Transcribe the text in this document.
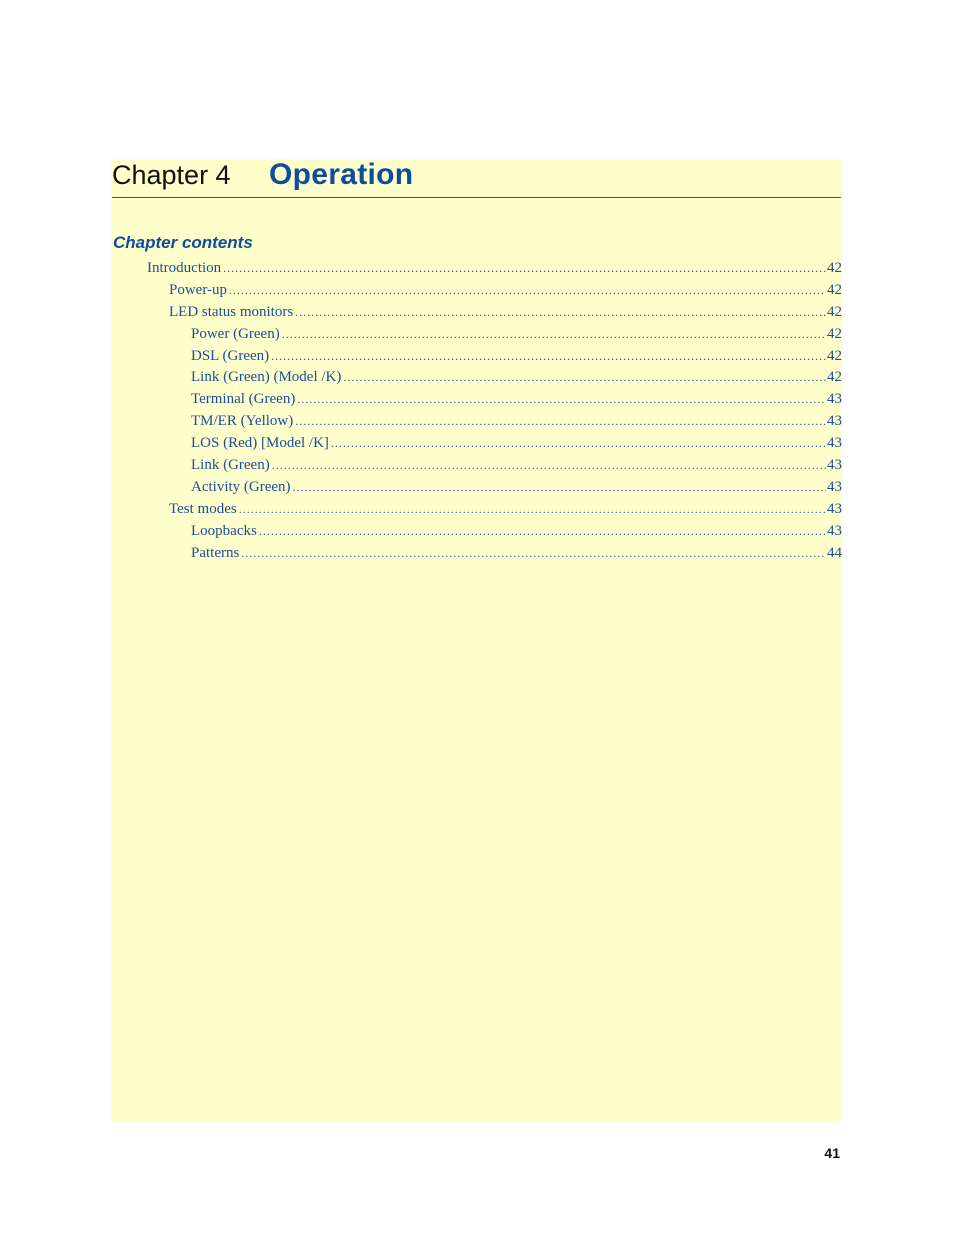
Chapter 4 Operation
Chapter contents
Introduction .....	42
Power-up .....	42
LED status monitors .....	42
Power (Green) .....	42
DSL (Green) .....	42
Link (Green) (Model /K) .....	42
Terminal (Green) .....	43
TM/ER (Yellow) .....	43
LOS (Red) [Model /K] .....	43
Link (Green) .....	43
Activity (Green) .....	43
Test modes .....	43
Loopbacks .....	43
Patterns .....	44
41
